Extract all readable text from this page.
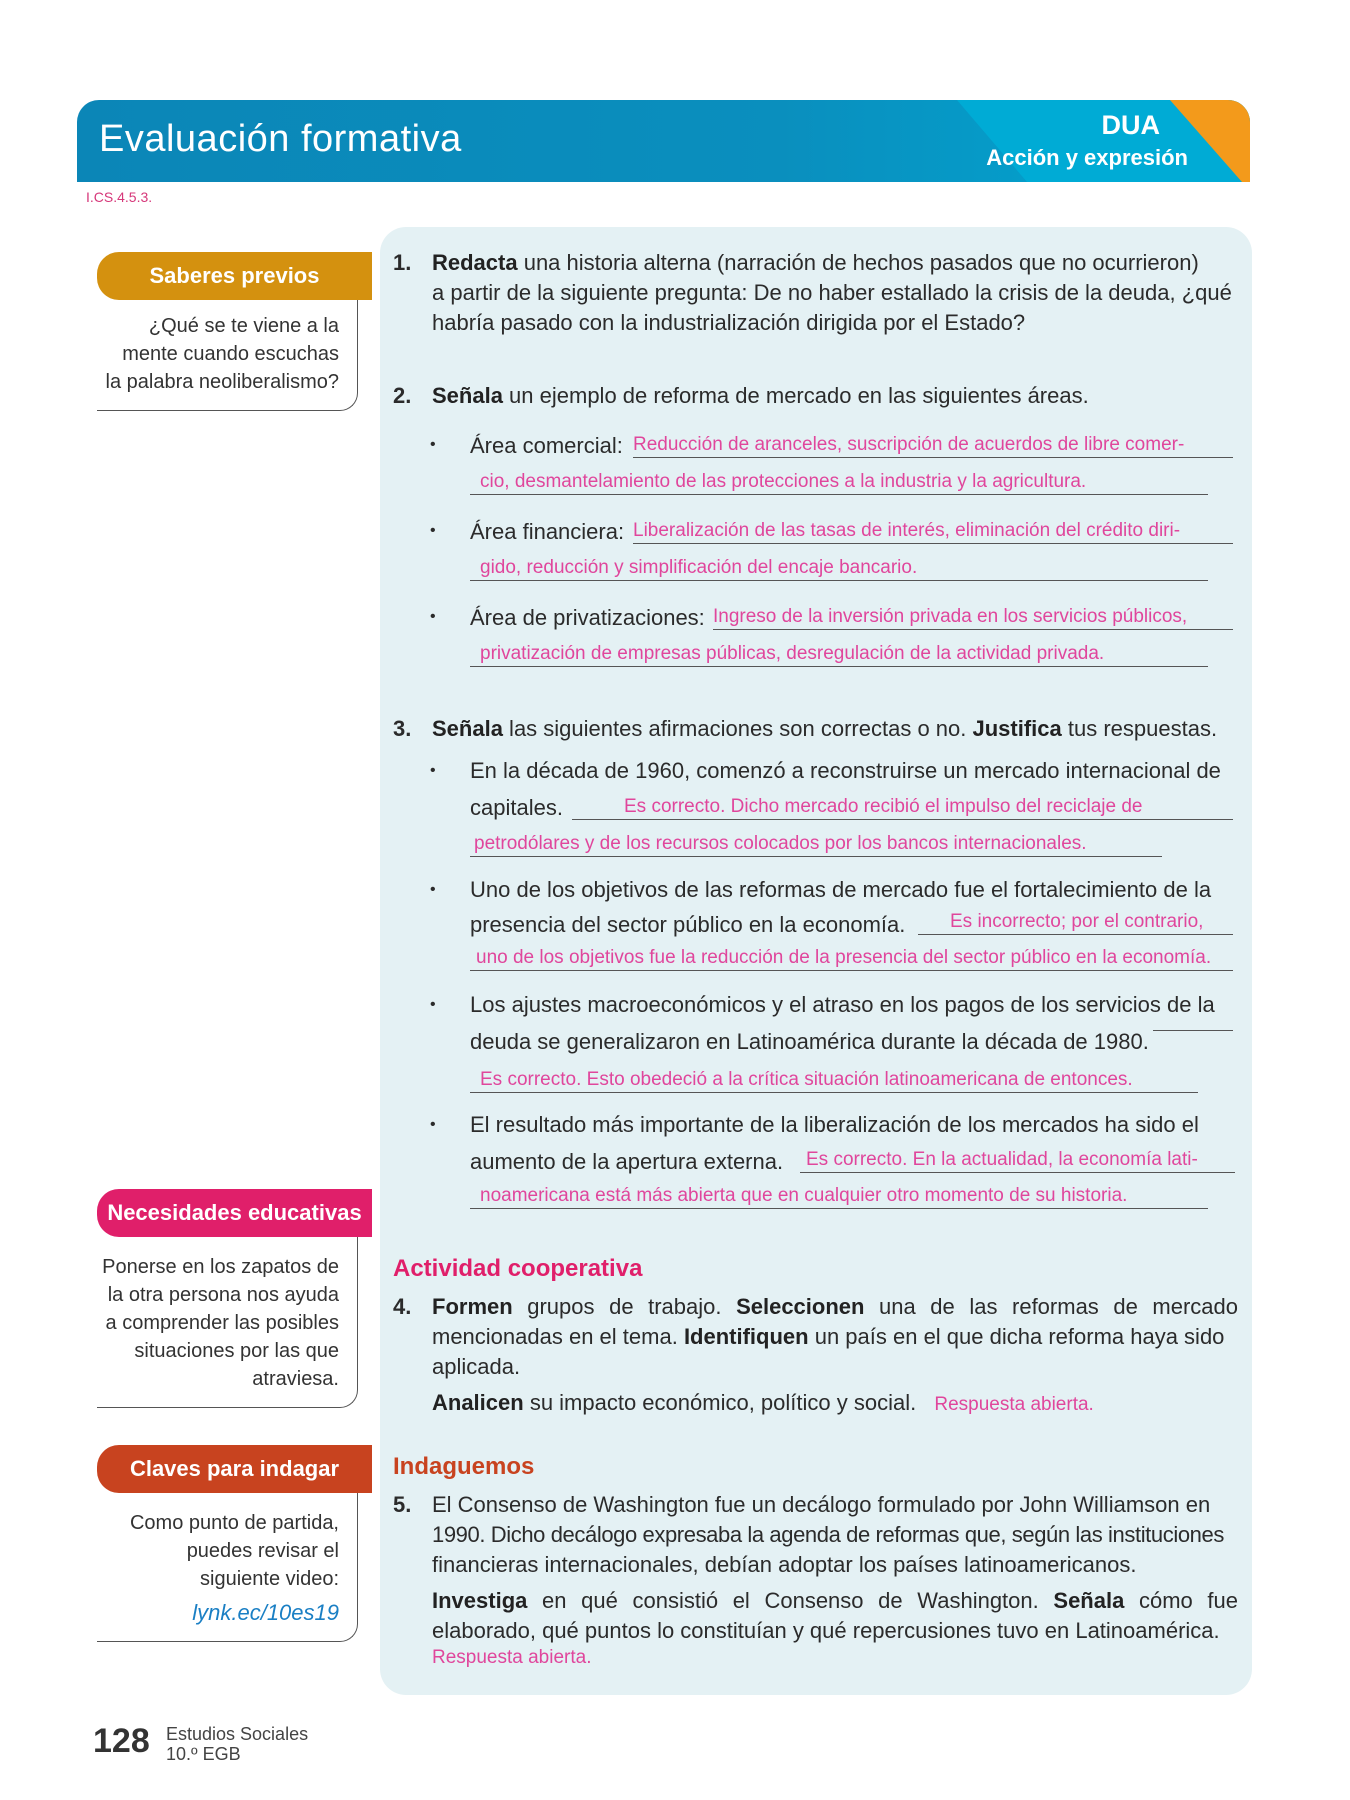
Evaluación formativa	DUA
Acción y expresión
I.CS.4.5.3.
Saberes previos
¿Qué se te viene a la
mente cuando escuchas
la palabra neoliberalismo?
Necesidades educativas
Ponerse en los zapatos de
la otra persona nos ayuda
a comprender las posibles
situaciones por las que
atraviesa.
Claves para indagar
Como punto de partida,
puedes revisar el
siguiente video:
lynk.ec/10es19
1. Redacta una historia alterna (narración de hechos pasados que no ocurrieron)
a partir de la siguiente pregunta: De no haber estallado la crisis de la deuda, ¿qué
habría pasado con la industrialización dirigida por el Estado?
2. Señala un ejemplo de reforma de mercado en las siguientes áreas.
• Área comercial: Reducción de aranceles, suscripción de acuerdos de libre comer-
cio, desmantelamiento de las protecciones a la industria y la agricultura.
• Área financiera: Liberalización de las tasas de interés, eliminación del crédito diri-
gido, reducción y simplificación del encaje bancario.
• Área de privatizaciones: Ingreso de la inversión privada en los servicios públicos,
privatización de empresas públicas, desregulación de la actividad privada.
3. Señala las siguientes afirmaciones son correctas o no. Justifica tus respuestas.
• En la década de 1960, comenzó a reconstruirse un mercado internacional de
capitales.	Es correcto. Dicho mercado recibió el impulso del reciclaje de
petrodólares y de los recursos colocados por los bancos internacionales.
• Uno de los objetivos de las reformas de mercado fue el fortalecimiento de la
presencia del sector público en la economía.	Es incorrecto; por el contrario,
uno de los objetivos fue la reducción de la presencia del sector público en la economía.
• Los ajustes macroeconómicos y el atraso en los pagos de los servicios de la
deuda se generalizaron en Latinoamérica durante la década de 1980.
Es correcto. Esto obedeció a la crítica situación latinoamericana de entonces.
• El resultado más importante de la liberalización de los mercados ha sido el
aumento de la apertura externa.	Es correcto. En la actualidad, la economía lati-
noamericana está más abierta que en cualquier otro momento de su historia.
Actividad cooperativa
4. Formen grupos de trabajo. Seleccionen una de las reformas de mercado
mencionadas en el tema. Identifiquen un país en el que dicha reforma haya sido
aplicada.
Analicen su impacto económico, político y social. Respuesta abierta.
Indaguemos
5. El Consenso de Washington fue un decálogo formulado por John Williamson en
1990. Dicho decálogo expresaba la agenda de reformas que, según las instituciones
financieras internacionales, debían adoptar los países latinoamericanos.
Investiga en qué consistió el Consenso de Washington. Señala cómo fue
elaborado, qué puntos lo constituían y qué repercusiones tuvo en Latinoamérica.
Respuesta abierta.
128 Estudios Sociales
10.º EGB
